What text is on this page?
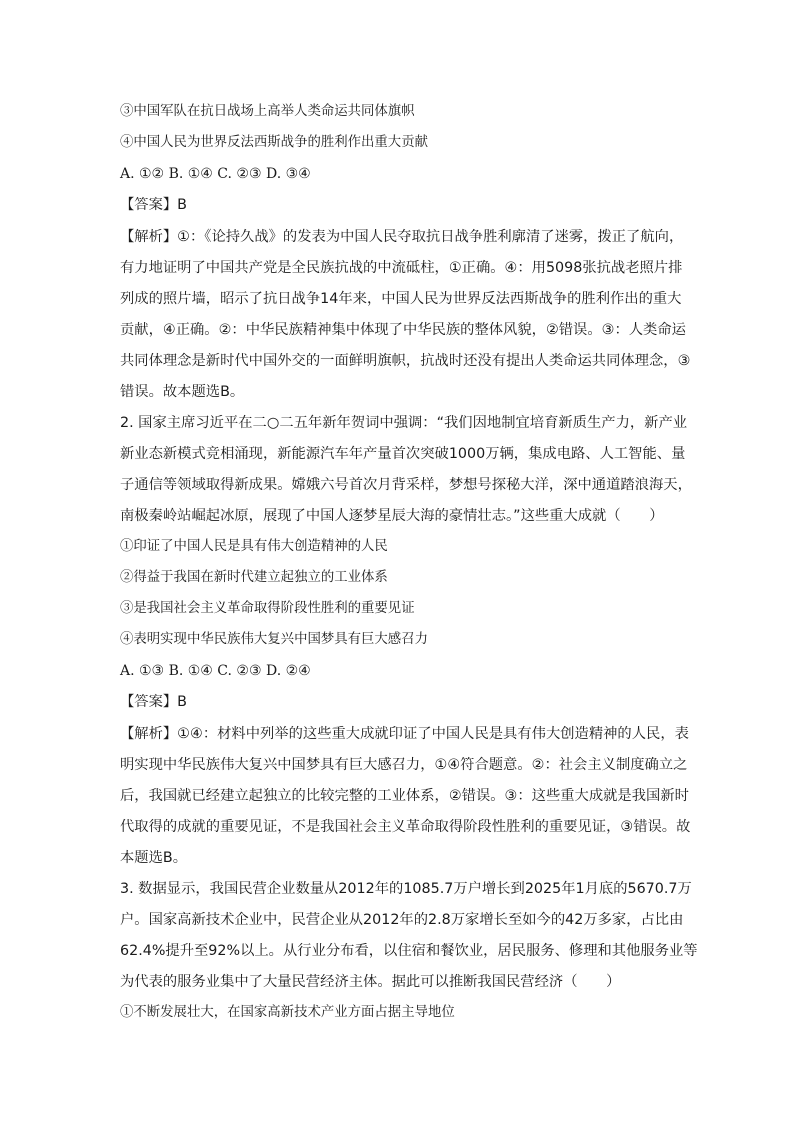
③中国军队在抗日战场上高举人类命运共同体旗帜
④中国人民为世界反法西斯战争的胜利作出重大贡献
A. ①② B. ①④ C. ②③ D. ③④
【答案】B
【解析】①：《论持久战》的发表为中国人民夺取抗日战争胜利廓清了迷雾，拨正了航向，
有力地证明了中国共产党是全民族抗战的中流砥柱，①正确。④：用5098张抗战老照片排
列成的照片墙，昭示了抗日战争14年来，中国人民为世界反法西斯战争的胜利作出的重大
贡献，④正确。②：中华民族精神集中体现了中华民族的整体风貌，②错误。③：人类命运
共同体理念是新时代中国外交的一面鲜明旗帜，抗战时还没有提出人类命运共同体理念，③
错误。故本题选B。
2. 国家主席习近平在二○二五年新年贺词中强调：“我们因地制宜培育新质生产力，新产业
新业态新模式竞相涌现，新能源汽车年产量首次突破1000万辆，集成电路、人工智能、量
子通信等领域取得新成果。嫦娥六号首次月背采样，梦想号探秘大洋，深中通道踏浪海天，
南极秦岭站崛起冰原，展现了中国人逐梦星辰大海的豪情壮志。”这些重大成就（　　）
①印证了中国人民是具有伟大创造精神的人民
②得益于我国在新时代建立起独立的工业体系
③是我国社会主义革命取得阶段性胜利的重要见证
④表明实现中华民族伟大复兴中国梦具有巨大感召力
A. ①③ B. ①④ C. ②③ D. ②④
【答案】B
【解析】①④：材料中列举的这些重大成就印证了中国人民是具有伟大创造精神的人民，表
明实现中华民族伟大复兴中国梦具有巨大感召力，①④符合题意。②：社会主义制度确立之
后，我国就已经建立起独立的比较完整的工业体系，②错误。③：这些重大成就是我国新时
代取得的成就的重要见证，不是我国社会主义革命取得阶段性胜利的重要见证，③错误。故
本题选B。
3. 数据显示，我国民营企业数量从2012年的1085.7万户增长到2025年1月底的5670.7万
户。国家高新技术企业中，民营企业从2012年的2.8万家增长至如今的42万多家，占比由
62.4%提升至92%以上。从行业分布看，以住宿和餐饮业，居民服务、修理和其他服务业等
为代表的服务业集中了大量民营经济主体。据此可以推断我国民营经济（　　）
①不断发展壮大，在国家高新技术产业方面占据主导地位
